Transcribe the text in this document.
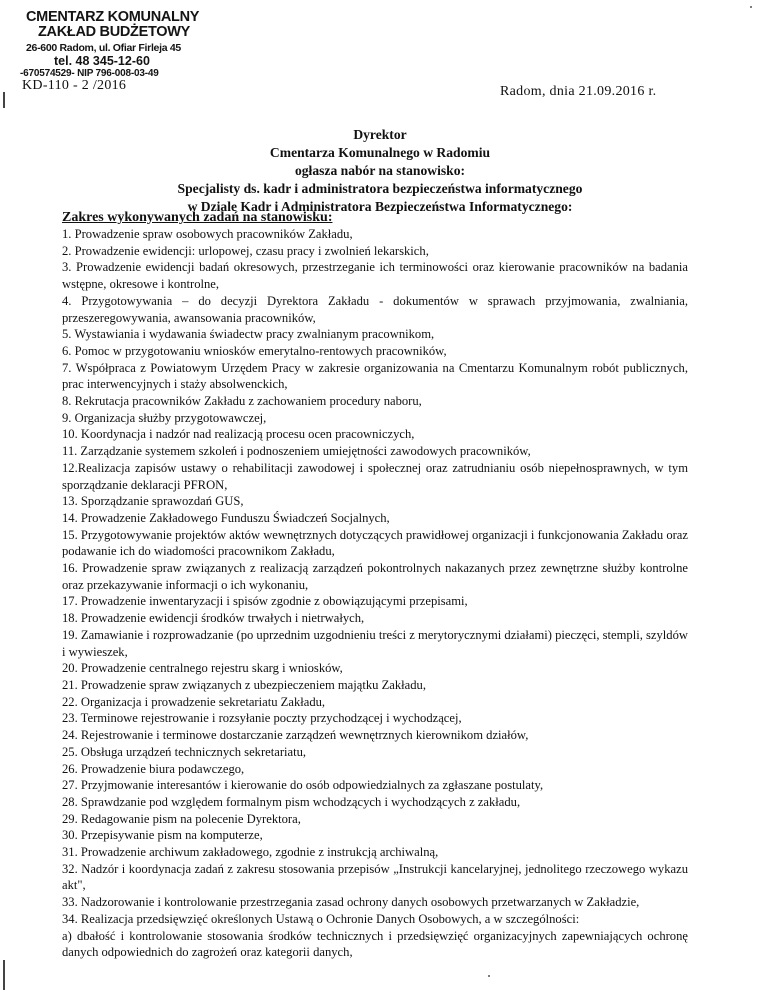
CMENTARZ KOMUNALNY
ZAKŁAD BUDŻETOWY
26-600 Radom, ul. Ofiar Firleja 45
tel. 48 345-12-60
-670574529- NIP 796-008-03-49
KD-110 - 2 /2016	Radom, dnia 21.09.2016 r.
Dyrektor
Cmentarza Komunalnego w Radomiu
ogłasza nabór na stanowisko:
Specjalisty ds. kadr i administratora bezpieczeństwa informatycznego
w Dziale Kadr i Administratora Bezpieczeństwa Informatycznego:
Zakres wykonywanych zadań na stanowisku:

1. Prowadzenie spraw osobowych pracowników Zakładu,

2. Prowadzenie ewidencji: urlopowej, czasu pracy i zwolnień lekarskich,

3. Prowadzenie ewidencji badań okresowych, przestrzeganie ich terminowości oraz kierowanie pracowników na badania wstępne, okresowe i kontrolne,

4. Przygotowywania – do decyzji Dyrektora Zakładu - dokumentów w sprawach przyjmowania, zwalniania, przeszeregowywania, awansowania pracowników,

5. Wystawiania i wydawania świadectw pracy zwalnianym pracownikom,

6. Pomoc w przygotowaniu wniosków emerytalno-rentowych pracowników,

7. Współpraca z Powiatowym Urzędem Pracy w zakresie organizowania na Cmentarzu Komunalnym robót publicznych, prac interwencyjnych i staży absolwenckich,

8. Rekrutacja pracowników Zakładu z zachowaniem procedury naboru,

9. Organizacja służby przygotowawczej,

10. Koordynacja i nadzór nad realizacją procesu ocen pracowniczych,

11. Zarządzanie systemem szkoleń i podnoszeniem umiejętności zawodowych pracowników,

12.Realizacja zapisów ustawy o rehabilitacji zawodowej i społecznej oraz zatrudnianiu osób niepełnosprawnych, w tym sporządzanie deklaracji PFRON,

13. Sporządzanie sprawozdań GUS,

14. Prowadzenie Zakładowego Funduszu Świadczeń Socjalnych,

15. Przygotowywanie projektów aktów wewnętrznych dotyczących prawidłowej organizacji i funkcjonowania Zakładu oraz podawanie ich do wiadomości pracownikom Zakładu,

16. Prowadzenie spraw związanych z realizacją zarządzeń pokontrolnych nakazanych przez zewnętrzne służby kontrolne oraz przekazywanie informacji o ich wykonaniu,

17. Prowadzenie inwentaryzacji i spisów zgodnie z obowiązującymi przepisami,

18. Prowadzenie ewidencji środków trwałych i nietrwałych,

19. Zamawianie i rozprowadzanie (po uprzednim uzgodnieniu treści z merytorycznymi działami) pieczęci, stempli, szyldów i wywieszek,

20. Prowadzenie centralnego rejestru skarg i wniosków,

21. Prowadzenie spraw związanych z ubezpieczeniem majątku Zakładu,

22. Organizacja i prowadzenie sekretariatu Zakładu,

23. Terminowe rejestrowanie i rozsyłanie poczty przychodzącej i wychodzącej,

24. Rejestrowanie i terminowe dostarczanie zarządzeń wewnętrznych kierownikom działów,

25. Obsługa urządzeń technicznych sekretariatu,

26. Prowadzenie biura podawczego,

27. Przyjmowanie interesantów i kierowanie do osób odpowiedzialnych za zgłaszane postulaty,

28. Sprawdzanie pod względem formalnym pism wchodzących i wychodzących z zakładu,

29. Redagowanie pism na polecenie Dyrektora,

30. Przepisywanie pism na komputerze,

31. Prowadzenie archiwum zakładowego, zgodnie z instrukcją archiwalną,

32. Nadzór i koordynacja zadań z zakresu stosowania przepisów „Instrukcji kancelaryjnej, jednolitego rzeczowego wykazu akt",

33. Nadzorowanie i kontrolowanie przestrzegania zasad ochrony danych osobowych przetwarzanych w Zakładzie,

34. Realizacja przedsięwzięć określonych Ustawą o Ochronie Danych Osobowych, a w szczególności:

a) dbałość i kontrolowanie stosowania środków technicznych i przedsięwzięć organizacyjnych zapewniających ochronę danych odpowiednich do zagrożeń oraz kategorii danych,
